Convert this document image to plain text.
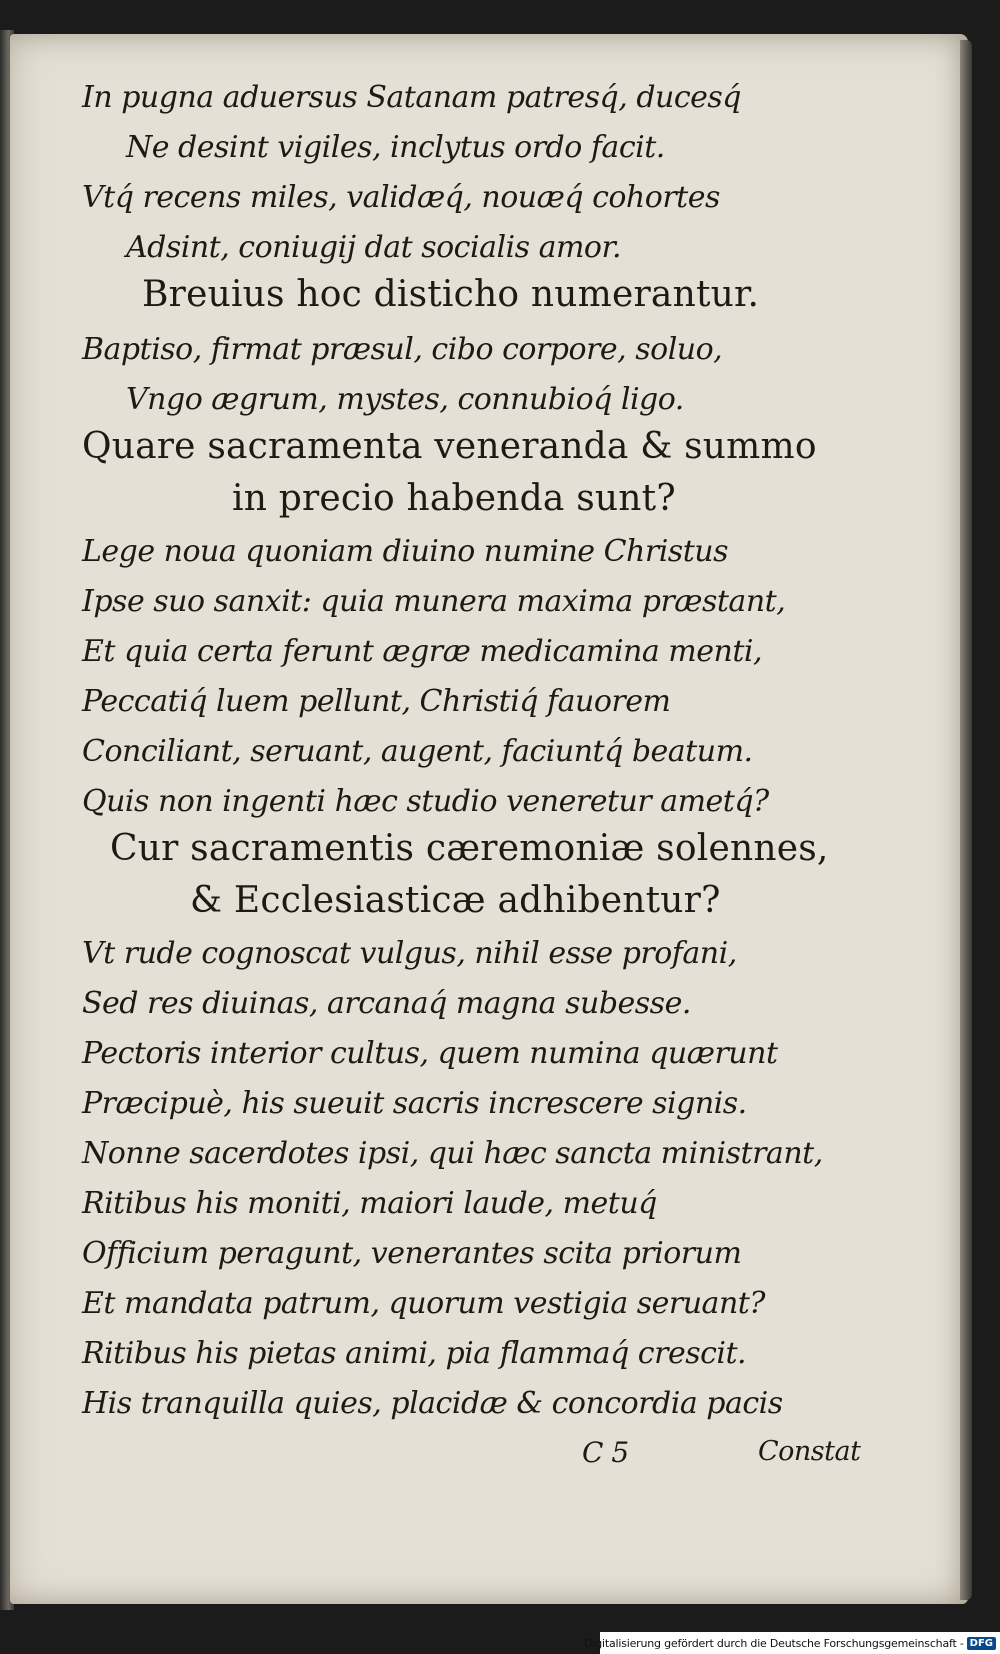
In pugna aduersus Satanam patresq́, ducesq́
Ne desint vigiles, inclytus ordo facit.
Vtq́ recens miles, validæq́, nouæq́ cohortes
Adsint, coniugij dat socialis amor.
Breuius hoc disticho numerantur.
Baptiso, firmat præsul, cibo corpore, soluo,
Vngo ægrum, mystes, connubioq́ ligo.
Quare sacramenta veneranda & summo
in precio habenda sunt?
Lege noua quoniam diuino numine Christus
Ipse suo sanxit: quia munera maxima præstant,
Et quia certa ferunt ægræ medicamina menti,
Peccatiq́ luem pellunt, Christiq́ fauorem
Conciliant, seruant, augent, faciuntq́ beatum.
Quis non ingenti hæc studio veneretur ametq́?
Cur sacramentis cæremoniæ solennes,
& Ecclesiasticæ adhibentur?
Vt rude cognoscat vulgus, nihil esse profani,
Sed res diuinas, arcanaq́ magna subesse.
Pectoris interior cultus, quem numina quærunt
Præcipuè, his sueuit sacris increscere signis.
Nonne sacerdotes ipsi, qui hæc sancta ministrant,
Ritibus his moniti, maiori laude, metuq́
Officium peragunt, venerantes scita priorum
Et mandata patrum, quorum vestigia seruant?
Ritibus his pietas animi, pia flammaq́ crescit.
His tranquilla quies, placidæ & concordia pacis
C 5	Constat
Digitalisierung gefördert durch die Deutsche Forschungsgemeinschaft - DFG
